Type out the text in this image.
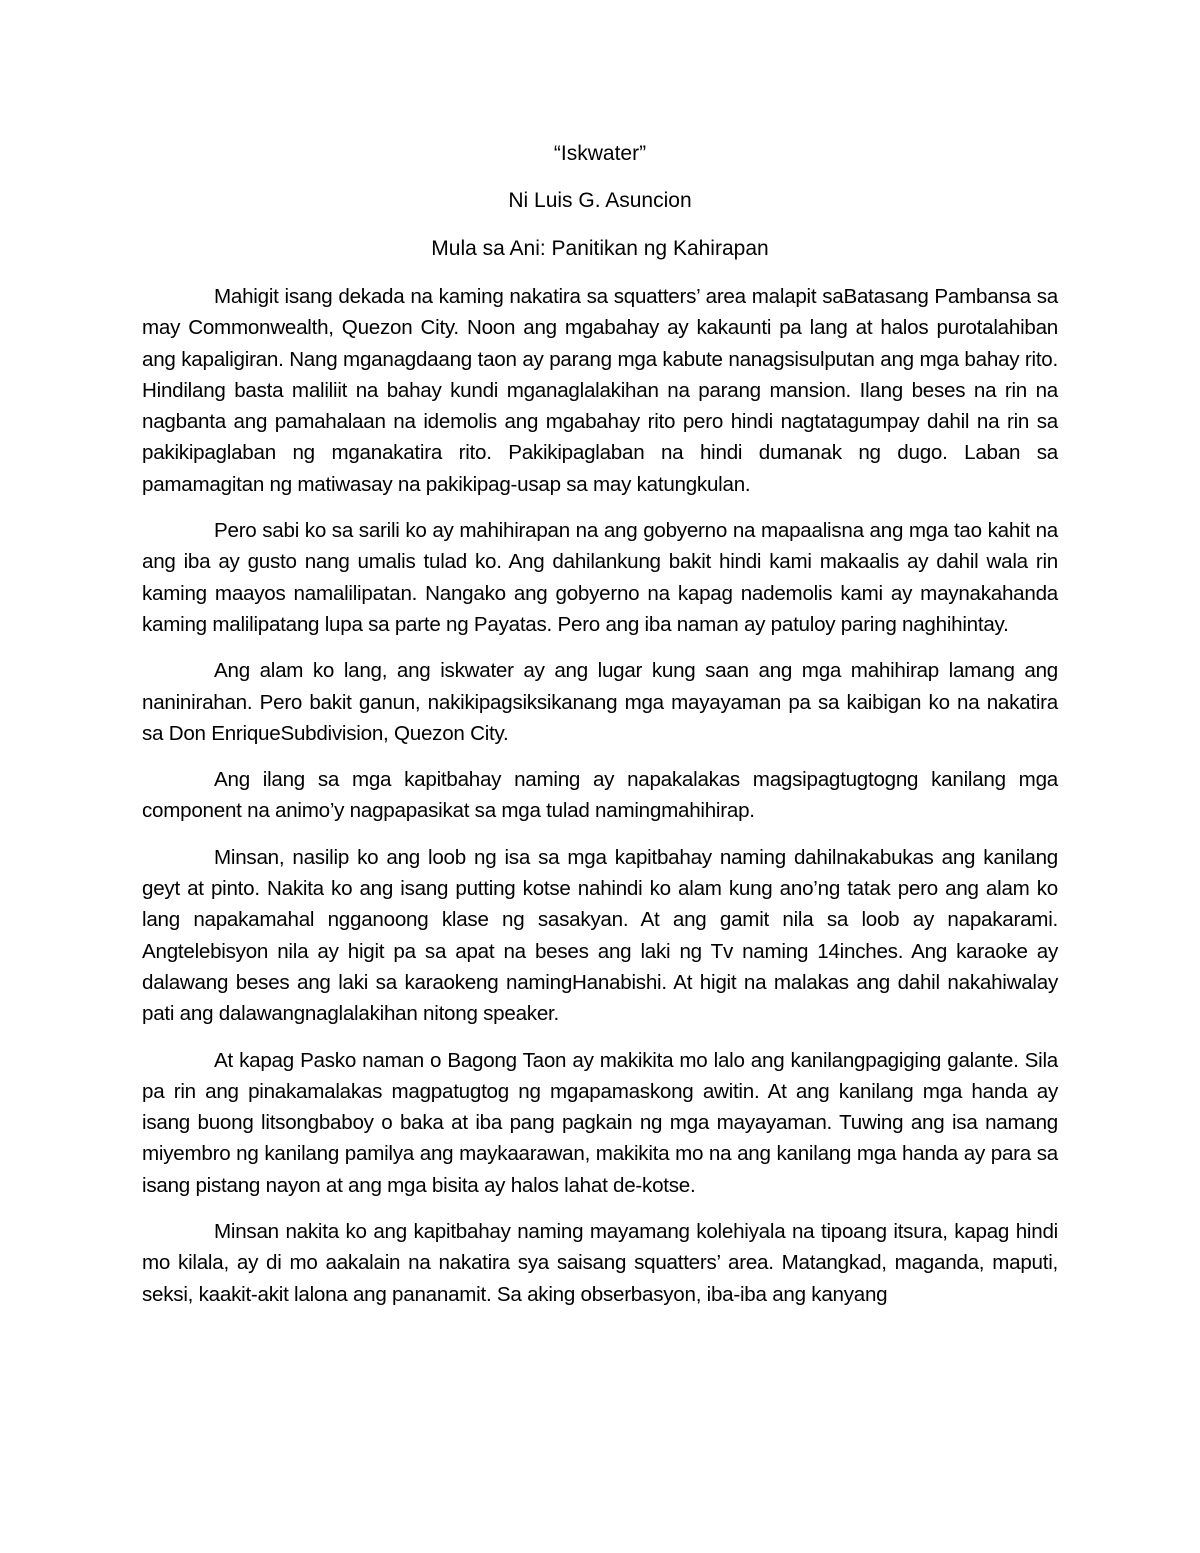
“Iskwater”
Ni Luis G. Asuncion
Mula sa Ani: Panitikan ng Kahirapan

Mahigit isang dekada na kaming nakatira sa squatters’ area malapit saBatasang Pambansa sa may Commonwealth, Quezon City. Noon ang mgabahay ay kakaunti pa lang at halos purotalahiban ang kapaligiran. Nang mganagdaang taon ay parang mga kabute nanagsisulputan ang mga bahay rito. Hindilang basta maliliit na bahay kundi mganaglalakihan na parang mansion. Ilang beses na rin na nagbanta ang pamahalaan na idemolis ang mgabahay rito pero hindi nagtatagumpay dahil na rin sa pakikipaglaban ng mganakatira rito. Pakikipaglaban na hindi dumanak ng dugo. Laban sa pamamagitan ng matiwasay na pakikipag-usap sa may katungkulan.

Pero sabi ko sa sarili ko ay mahihirapan na ang gobyerno na mapaalisna ang mga tao kahit na ang iba ay gusto nang umalis tulad ko. Ang dahilankung bakit hindi kami makaalis ay dahil wala rin kaming maayos namalilipatan. Nangako ang gobyerno na kapag nademolis kami ay maynakahanda kaming malilipatang lupa sa parte ng Payatas. Pero ang iba naman ay patuloy paring naghihintay.

Ang alam ko lang, ang iskwater ay ang lugar kung saan ang mga mahihirap lamang ang naninirahan. Pero bakit ganun, nakikipagsiksikanang mga mayayaman pa sa kaibigan ko na nakatira sa Don EnriqueSubdivision, Quezon City.

Ang ilang sa mga kapitbahay naming ay napakalakas magsipagtugtogng kanilang mga component na animo’y nagpapasikat sa mga tulad namingmahihirap.

Minsan, nasilip ko ang loob ng isa sa mga kapitbahay naming dahilnakabukas ang kanilang geyt at pinto. Nakita ko ang isang putting kotse nahindi ko alam kung ano’ng tatak pero ang alam ko lang napakamahal ngganoong klase ng sasakyan. At ang gamit nila sa loob ay napakarami. Angtelebisyon nila ay higit pa sa apat na beses ang laki ng Tv naming 14inches. Ang karaoke ay dalawang beses ang laki sa karaokeng namingHanabishi. At higit na malakas ang dahil nakahiwalay pati ang dalawangnaglalakihan nitong speaker.

At kapag Pasko naman o Bagong Taon ay makikita mo lalo ang kanilangpagiging galante. Sila pa rin ang pinakamalakas magpatugtog ng mgapamaskong awitin. At ang kanilang mga handa ay isang buong litsongbaboy o baka at iba pang pagkain ng mga mayayaman. Tuwing ang isa namang miyembro ng kanilang pamilya ang maykaarawan, makikita mo na ang kanilang mga handa ay para sa isang pistang nayon at ang mga bisita ay halos lahat de-kotse.

Minsan nakita ko ang kapitbahay naming mayamang kolehiyala na tipoang itsura, kapag hindi mo kilala, ay di mo aakalain na nakatira sya saisang squatters’ area. Matangkad, maganda, maputi, seksi, kaakit-akit lalona ang pananamit. Sa aking obserbasyon, iba-iba ang kanyang
